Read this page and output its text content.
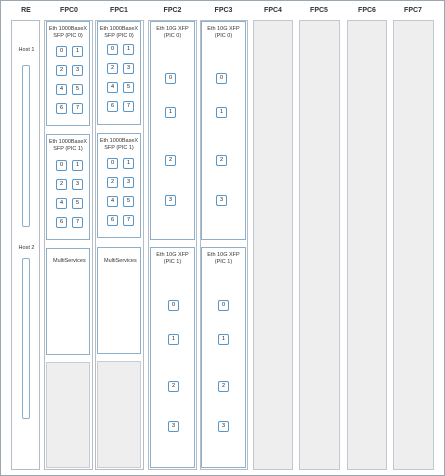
RE	FPC0	FPC1	FPC2	FPC3	FPC4	FPC5	FPC6	FPC7
Host 1
Host 2
Eth 1000BaseX SFP (PIC 0)
0	1
2	3
4	5
6	7
Eth 1000BaseX SFP (PIC 1)
0	1
2	3
4	5
6	7
MultiServices
Eth 1000BaseX SFP (PIC 0)
0	1
2	3
4	5
6	7
Eth 1000BaseX SFP (PIC 1)
0	1
2	3
4	5
6	7
MultiServices
Eth 10G XFP (PIC 0)
0
1
2
3
Eth 10G XFP (PIC 1)
0
1
2
3
Eth 10G XFP (PIC 0)
0
1
2
3
Eth 10G XFP (PIC 1)
0
1
2
3
